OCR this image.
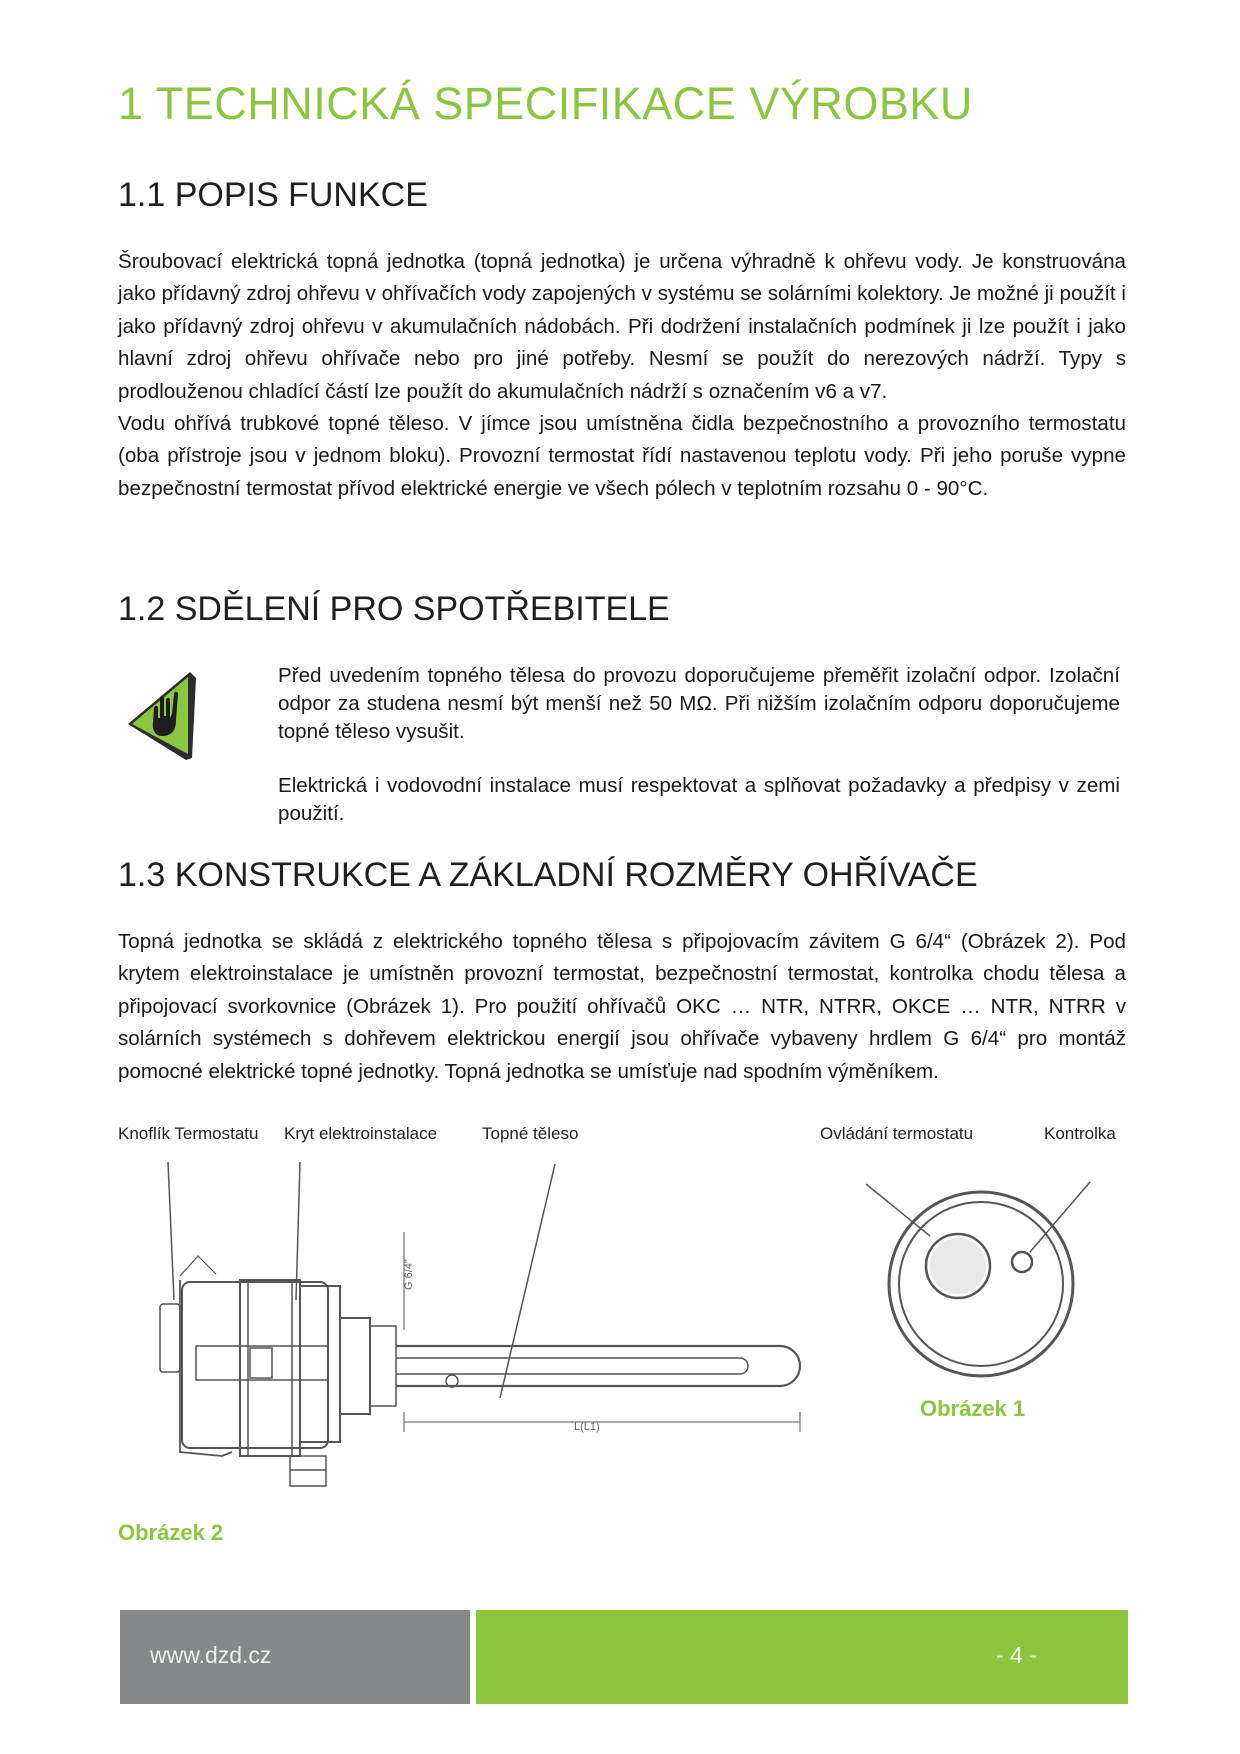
1 TECHNICKÁ SPECIFIKACE VÝROBKU
1.1 POPIS FUNKCE

Šroubovací elektrická topná jednotka (topná jednotka) je určena výhradně k ohřevu vody. Je konstruována jako přídavný zdroj ohřevu v ohřívačích vody zapojených v systému se solárními kolektory. Je možné ji použít i jako přídavný zdroj ohřevu v akumulačních nádobách. Při dodržení instalačních podmínek ji lze použít i jako hlavní zdroj ohřevu ohřívače nebo pro jiné potřeby. Nesmí se použít do nerezových nádrží. Typy s prodlouženou chladící částí lze použít do akumulačních nádrží s označením v6 a v7.

Vodu ohřívá trubkové topné těleso. V jímce jsou umístněna čidla bezpečnostního a provozního termostatu (oba přístroje jsou v jednom bloku). Provozní termostat řídí nastavenou teplotu vody. Při jeho poruše vypne bezpečnostní termostat přívod elektrické energie ve všech pólech v teplotním rozsahu 0 - 90°C.

1.2 SDĚLENÍ PRO SPOTŘEBITELE

Před uvedením topného tělesa do provozu doporučujeme přeměřit izolační odpor. Izolační odpor za studena nesmí být menší než 50 MΩ. Při nižším izolačním odporu doporučujeme topné těleso vysušit.

Elektrická i vodovodní instalace musí respektovat a splňovat požadavky a předpisy v zemi použití.

1.3 KONSTRUKCE A ZÁKLADNÍ ROZMĚRY OHŘÍVAČE

Topná jednotka se skládá z elektrického topného tělesa s připojovacím závitem G 6/4“ (Obrázek 2). Pod krytem elektroinstalace je umístněn provozní termostat, bezpečnostní termostat, kontrolka chodu tělesa a připojovací svorkovnice (Obrázek 1). Pro použití ohřívačů OKC … NTR, NTRR, OKCE … NTR, NTRR v solárních systémech s dohřevem elektrickou energií jsou ohřívače vybaveny hrdlem G 6/4“ pro montáž pomocné elektrické topné jednotky. Topná jednotka se umísťuje nad spodním výměníkem.

Knoflík Termostatu Kryt elektroinstalace	Topné těleso	Ovládání termostatu	Kontrolka
G 6/4"
L(L1)
Obrázek 1
Obrázek 2
www.dzd.cz	- 4 -
